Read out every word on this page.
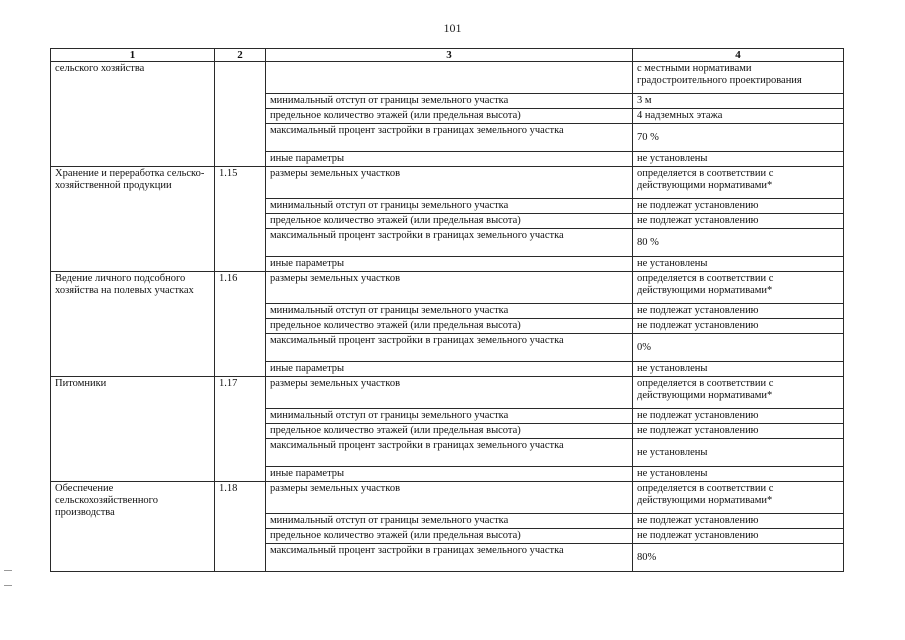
101
1	2	3	4
сельского хозяйства			с местными нормативами градостроительного проектирования
		минимальный отступ от границы земельного участка	3 м
		предельное количество этажей (или предельная высота)	4 надземных этажа
		максимальный процент застройки в границах земельного участка	70 %
		иные параметры	не установлены
Хранение и переработка сельско-хозяйственной продукции	1.15	размеры земельных участков	определяется в соответствии с действующими нормативами*
		минимальный отступ от границы земельного участка	не подлежат установлению
		предельное количество этажей (или предельная высота)	не подлежат установлению
		максимальный процент застройки в границах земельного участка	80 %
		иные параметры	не установлены
Ведение личного подсобного хозяйства на полевых участках	1.16	размеры земельных участков	определяется в соответствии с действующими нормативами*
		минимальный отступ от границы земельного участка	не подлежат установлению
		предельное количество этажей (или предельная высота)	не подлежат установлению
		максимальный процент застройки в границах земельного участка	0%
		иные параметры	не установлены
Питомники	1.17	размеры земельных участков	определяется в соответствии с действующими нормативами*
		минимальный отступ от границы земельного участка	не подлежат установлению
		предельное количество этажей (или предельная высота)	не подлежат установлению
		максимальный процент застройки в границах земельного участка	не установлены
		иные параметры	не установлены
Обеспечение сельскохозяйственного производства	1.18	размеры земельных участков	определяется в соответствии с действующими нормативами*
		минимальный отступ от границы земельного участка	не подлежат установлению
		предельное количество этажей (или предельная высота)	не подлежат установлению
		максимальный процент застройки в границах земельного участка	80%
